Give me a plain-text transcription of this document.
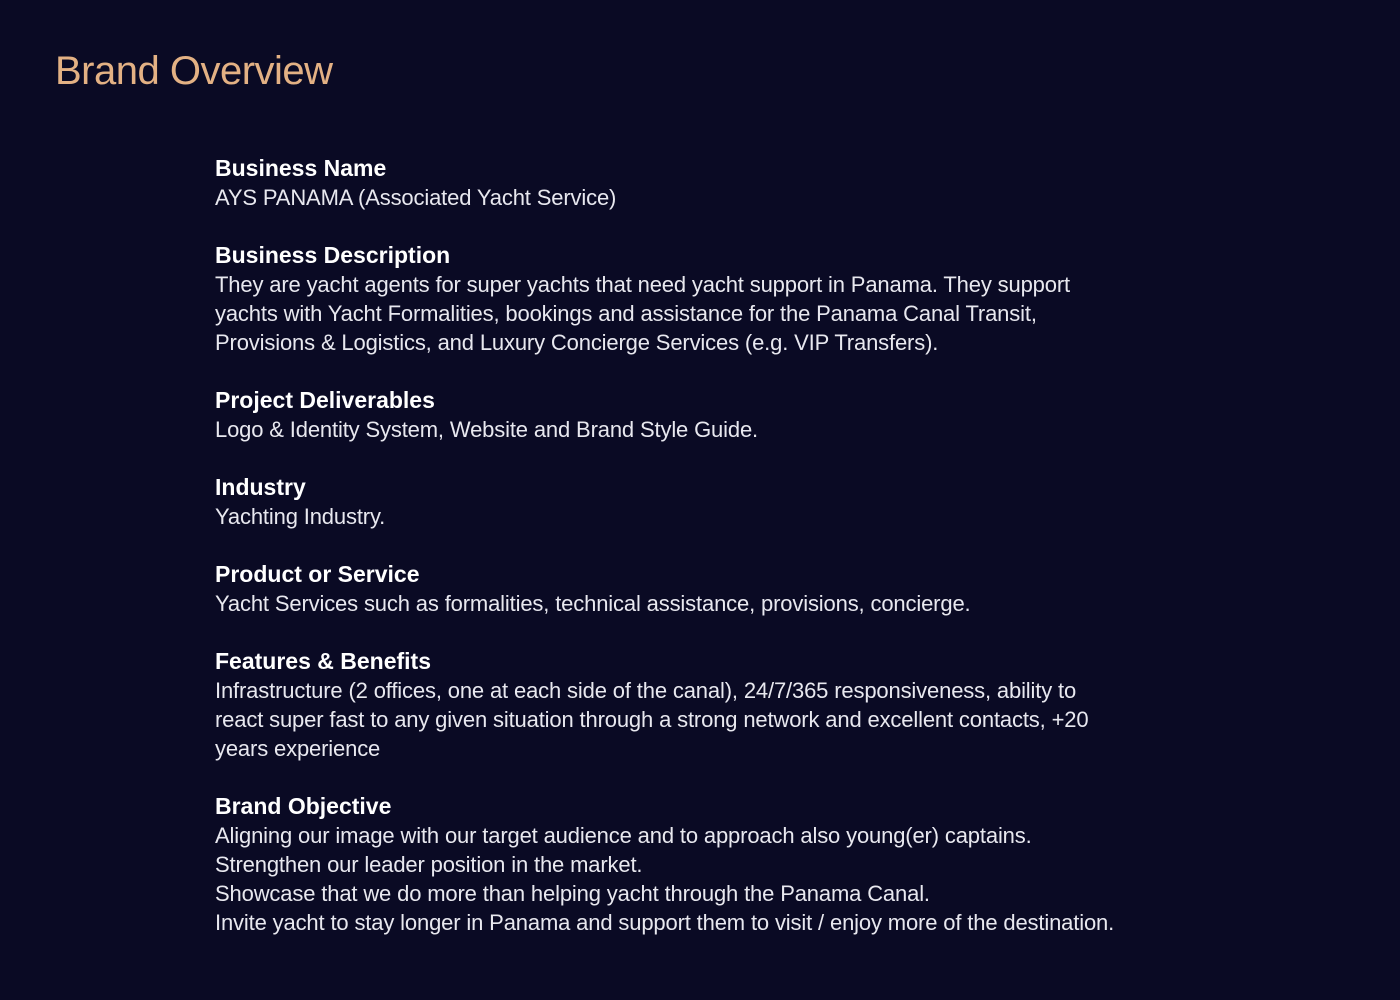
Brand Overview
Business Name
AYS PANAMA (Associated Yacht Service)
Business Description
They are yacht agents for super yachts that need yacht support in Panama. They support
yachts with Yacht Formalities, bookings and assistance for the Panama Canal Transit,
Provisions & Logistics, and Luxury Concierge Services (e.g. VIP Transfers).
Project Deliverables
Logo & Identity System, Website and Brand Style Guide.
Industry
Yachting Industry.
Product or Service
Yacht Services such as formalities, technical assistance, provisions, concierge.
Features & Benefits
Infrastructure (2 offices, one at each side of the canal), 24/7/365 responsiveness, ability to
react super fast to any given situation through a strong network and excellent contacts, +20
years experience
Brand Objective
Aligning our image with our target audience and to approach also young(er) captains.
Strengthen our leader position in the market.
Showcase that we do more than helping yacht through the Panama Canal.
Invite yacht to stay longer in Panama and support them to visit / enjoy more of the destination.
